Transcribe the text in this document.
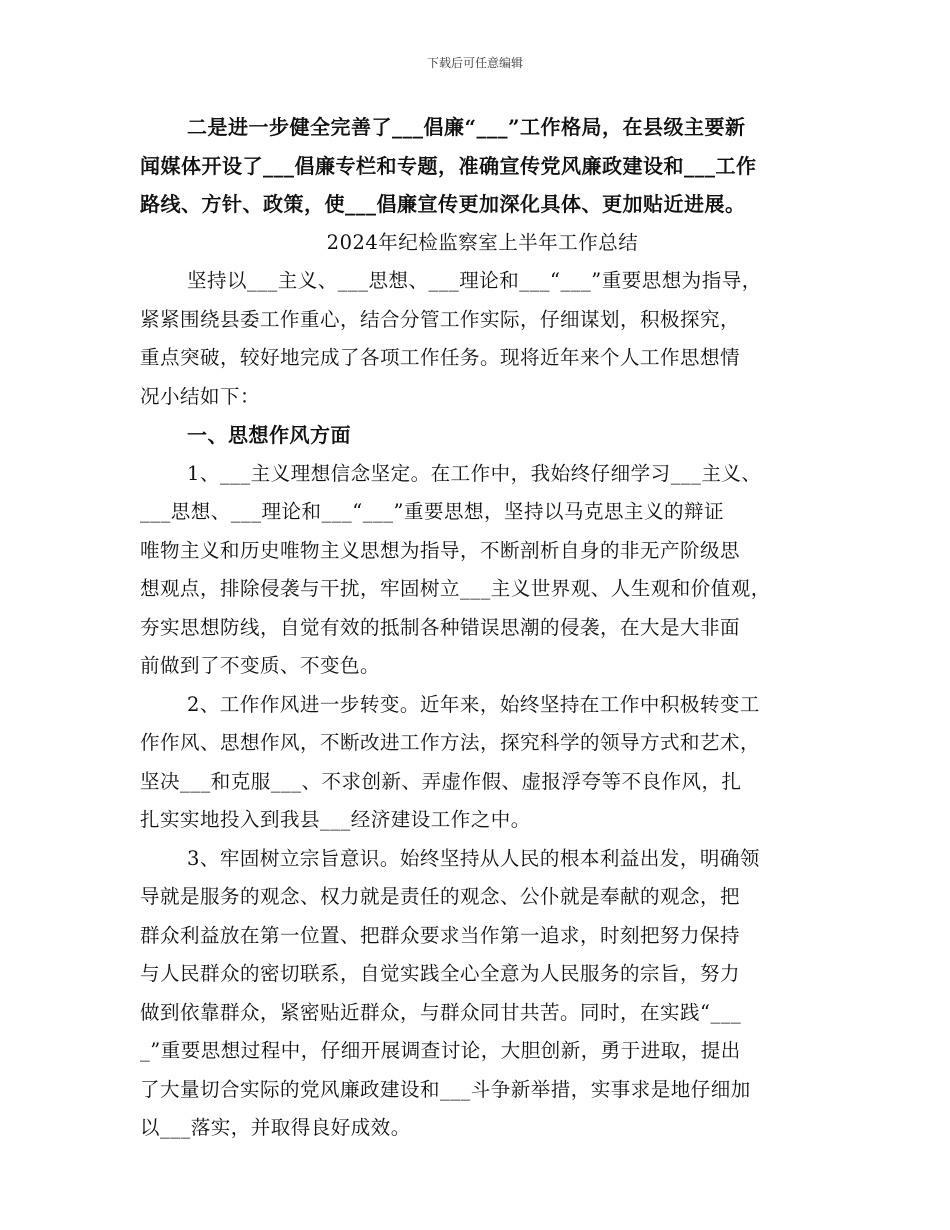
下载后可任意编辑
二是进一步健全完善了___倡廉“___”工作格局，在县级主要新
闻媒体开设了___倡廉专栏和专题，准确宣传党风廉政建设和___工作
路线、方针、政策，使___倡廉宣传更加深化具体、更加贴近进展。
2024年纪检监察室上半年工作总结
坚持以___主义、___思想、___理论和___“___”重要思想为指导，
紧紧围绕县委工作重心，结合分管工作实际，仔细谋划，积极探究，
重点突破，较好地完成了各项工作任务。现将近年来个人工作思想情
况小结如下：
一、思想作风方面
1、___主义理想信念坚定。在工作中，我始终仔细学习___主义、
___思想、___理论和___“___”重要思想，坚持以马克思主义的辩证
唯物主义和历史唯物主义思想为指导，不断剖析自身的非无产阶级思
想观点，排除侵袭与干扰，牢固树立___主义世界观、人生观和价值观，
夯实思想防线，自觉有效的抵制各种错误思潮的侵袭，在大是大非面
前做到了不变质、不变色。
2、工作作风进一步转变。近年来，始终坚持在工作中积极转变工
作作风、思想作风，不断改进工作方法，探究科学的领导方式和艺术，
坚决___和克服___、不求创新、弄虚作假、虚报浮夸等不良作风，扎
扎实实地投入到我县___经济建设工作之中。
3、牢固树立宗旨意识。始终坚持从人民的根本利益出发，明确领
导就是服务的观念、权力就是责任的观念、公仆就是奉献的观念，把
群众利益放在第一位置、把群众要求当作第一追求，时刻把努力保持
与人民群众的密切联系，自觉实践全心全意为人民服务的宗旨，努力
做到依靠群众，紧密贴近群众，与群众同甘共苦。同时，在实践“___
_”重要思想过程中，仔细开展调查讨论，大胆创新，勇于进取，提出
了大量切合实际的党风廉政建设和___斗争新举措，实事求是地仔细加
以___落实，并取得良好成效。
